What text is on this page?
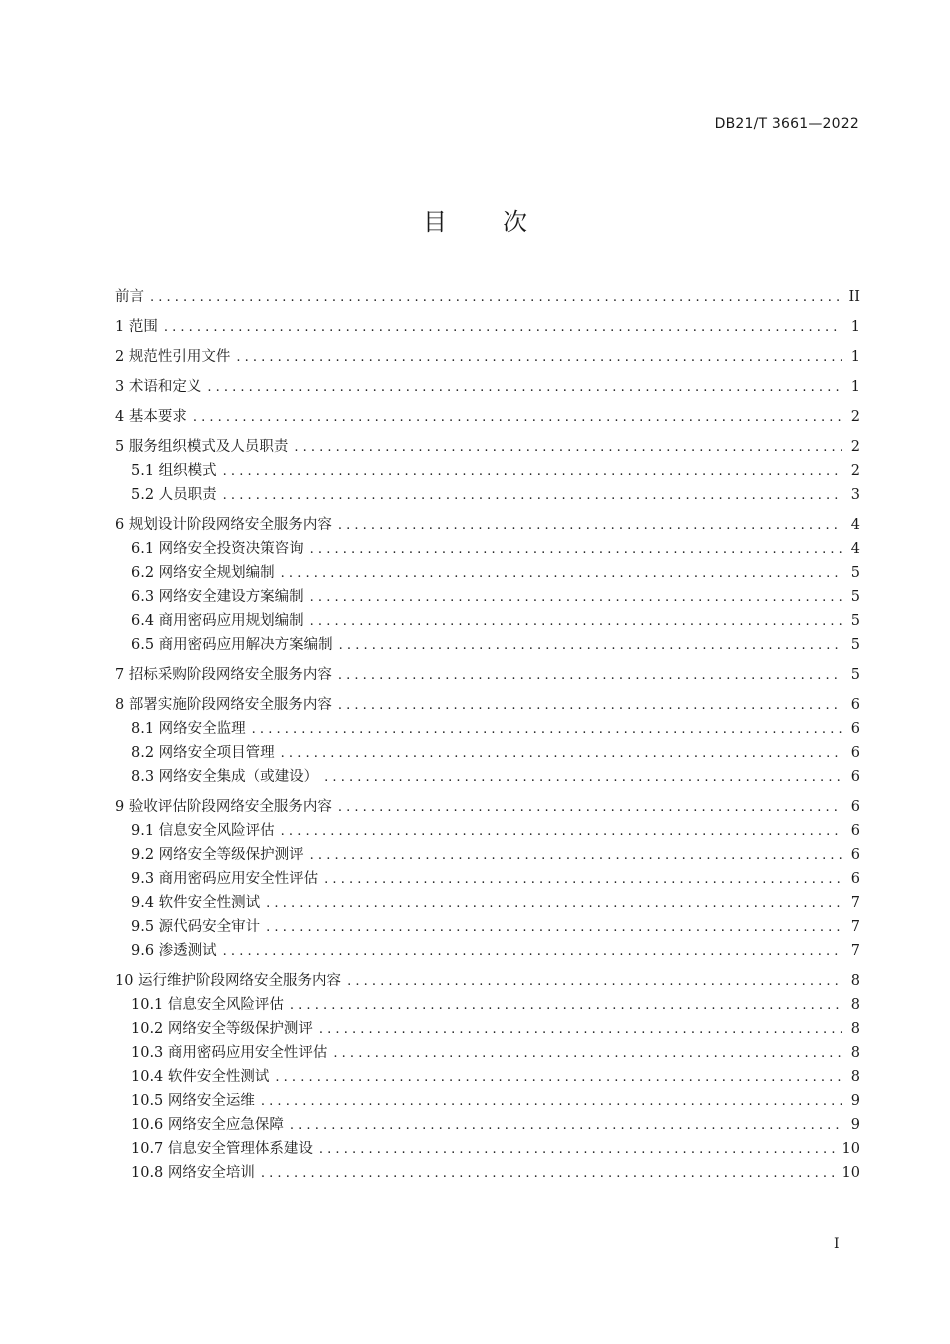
DB21/T 3661—2022
目 次
前言 . . .	II
1 范围 . . .	1
2 规范性引用文件 . . .	1
3 术语和定义 . . .	1
4 基本要求 . . .	2
5 服务组织模式及人员职责 . . .	2
5.1 组织模式 . . .	2
5.2 人员职责 . . .	3
6 规划设计阶段网络安全服务内容 . . .	4
6.1 网络安全投资决策咨询 . . .	4
6.2 网络安全规划编制 . . .	5
6.3 网络安全建设方案编制 . . .	5
6.4 商用密码应用规划编制 . . .	5
6.5 商用密码应用解决方案编制 . . .	5
7 招标采购阶段网络安全服务内容 . . .	5
8 部署实施阶段网络安全服务内容 . . .	6
8.1 网络安全监理 . . .	6
8.2 网络安全项目管理 . . .	6
8.3 网络安全集成（或建设） . . .	6
9 验收评估阶段网络安全服务内容 . . .	6
9.1 信息安全风险评估 . . .	6
9.2 网络安全等级保护测评 . . .	6
9.3 商用密码应用安全性评估 . . .	6
9.4 软件安全性测试 . . .	7
9.5 源代码安全审计 . . .	7
9.6 渗透测试 . . .	7
10 运行维护阶段网络安全服务内容 . . .	8
10.1 信息安全风险评估 . . .	8
10.2 网络安全等级保护测评 . . .	8
10.3 商用密码应用安全性评估 . . .	8
10.4 软件安全性测试 . . .	8
10.5 网络安全运维 . . .	9
10.6 网络安全应急保障 . . .	9
10.7 信息安全管理体系建设 . . .	10
10.8 网络安全培训 . . .	10
I
